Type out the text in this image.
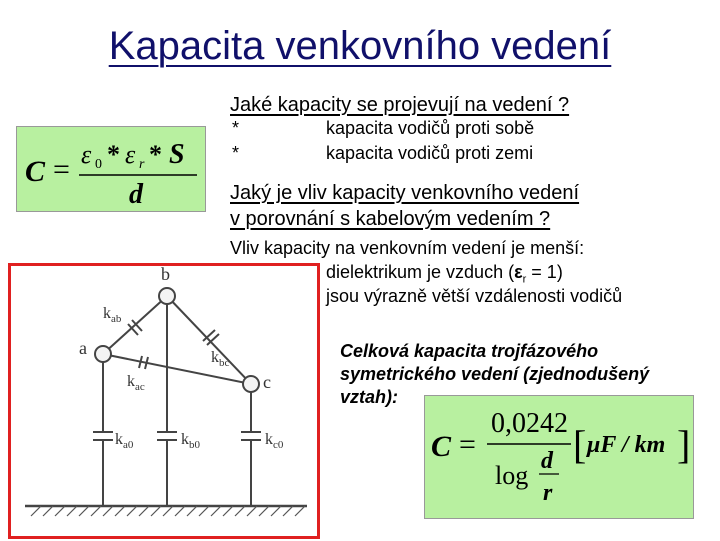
Kapacita venkovního vedení
Jaké kapacity se projevují na vedení ?
*	kapacita vodičů proti sobě
*	kapacita vodičů proti zemi
C = ε 0 * ε r * S
d	Jaký je vliv kapacity venkovního vedení
v porovnání s kabelovým vedením ?
Vliv kapacity na venkovním vedení je menší:
dielektrikum je vzduch $(\varepsilon_r = 1)$
jsou výrazně větší vzdálenosti vodičů
a
b
c
k ab
k bc
k ac
k a0	k b0	k c0
Celková kapacita trojfázového
symetrického vedení (zjednodušený
vztah):
C =
0,0242
log d
r
[ μF / km ]
